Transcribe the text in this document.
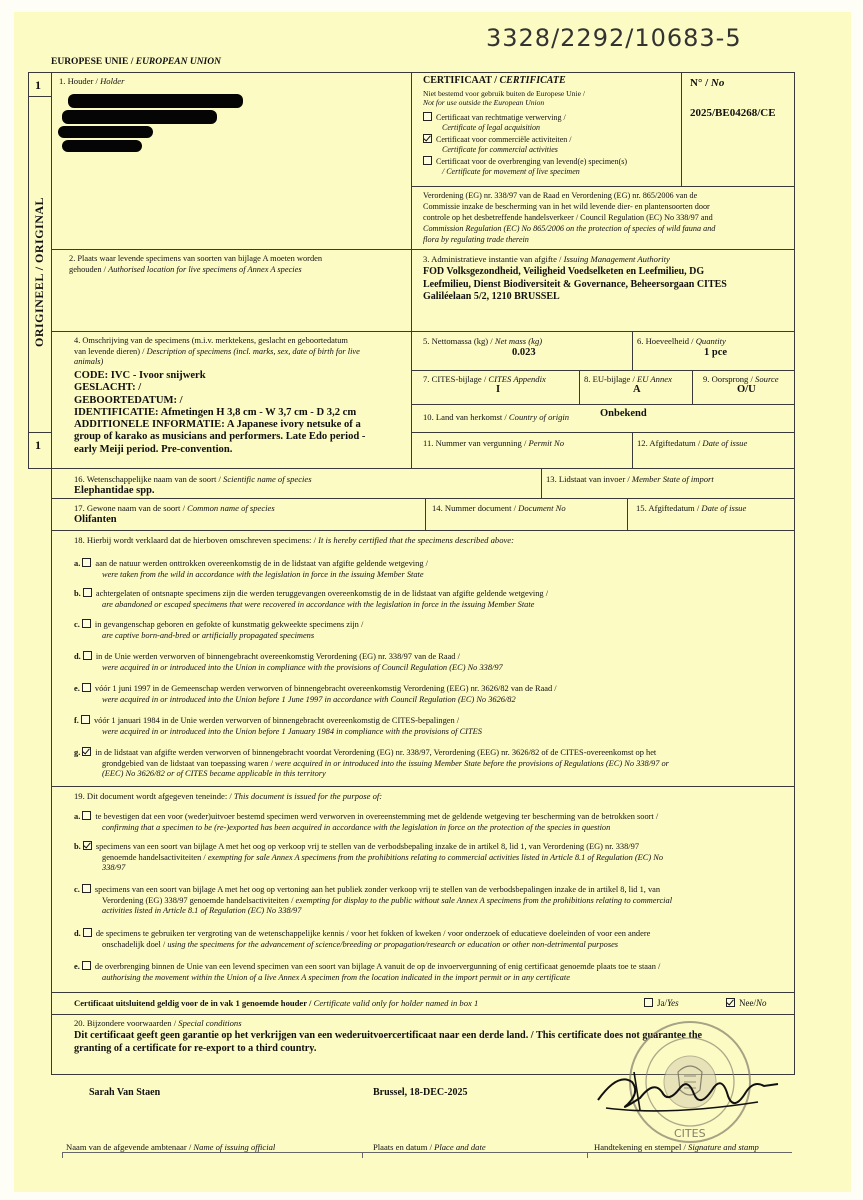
3328/2292/10683-5
EUROPESE UNIE / EUROPEAN UNION
1
1
ORIGINEEL / ORIGINAL
1. Houder / Holder	CERTIFICAAT / CERTIFICATE
Niet bestemd voor gebruik buiten de Europese Unie /
Not for use outside the European Union
Certificaat van rechtmatige verwerving /
Certificate of legal acquisition
Certificaat voor commerciële activiteiten /
Certificate for commercial activities
Certificaat voor de overbrenging van levend(e) specimen(s)
/ Certificate for movement of live specimen
N° / No
2025/BE04268/CE
Verordening (EG) nr. 338/97 van de Raad en Verordening (EG) nr. 865/2006 van de
Commissie inzake de bescherming van in het wild levende dier- en plantensoorten door
controle op het desbetreffende handelsverkeer / Council Regulation (EC) No 338/97 and
Commission Regulation (EC) No 865/2006 on the protection of species of wild fauna and
flora by regulating trade therein
2. Plaats waar levende specimens van soorten van bijlage A moeten worden
gehouden / Authorised location for live specimens of Annex A species
3. Administratieve instantie van afgifte / Issuing Management Authority
FOD Volksgezondheid, Veiligheid Voedselketen en Leefmilieu, DG
Leefmilieu, Dienst Biodiversiteit & Governance, Beheersorgaan CITES
Galiléelaan 5/2, 1210 BRUSSEL
4. Omschrijving van de specimens (m.i.v. merktekens, geslacht en geboortedatum
van levende dieren) / Description of specimens (incl. marks, sex, date of birth for live
animals)
CODE: IVC - Ivoor snijwerk
GESLACHT: /
GEBOORTEDATUM: /
IDENTIFICATIE: Afmetingen H 3,8 cm - W 3,7 cm - D 3,2 cm
ADDITIONELE INFORMATIE: A Japanese ivory netsuke of a
group of karako as musicians and performers. Late Edo period -
early Meiji period. Pre-convention.
5. Nettomassa (kg) / Net mass (kg)
0.023
6. Hoeveelheid / Quantity
1 pce
7. CITES-bijlage / CITES Appendix
I
8. EU-bijlage / EU Annex
A
9. Oorsprong / Source
O/U
10. Land van herkomst / Country of origin	Onbekend
11. Nummer van vergunning / Permit No	12. Afgiftedatum / Date of issue
16. Wetenschappelijke naam van de soort / Scientific name of species
Elephantidae spp.
13. Lidstaat van invoer / Member State of import
17. Gewone naam van de soort / Common name of species
Olifanten
14. Nummer document / Document No	15. Afgiftedatum / Date of issue
18. Hierbij wordt verklaard dat de hierboven omschreven specimens: / It is hereby certified that the specimens described above:
a. aan de natuur werden onttrokken overeenkomstig de in de lidstaat van afgifte geldende wetgeving /
were taken from the wild in accordance with the legislation in force in the issuing Member State
b. achtergelaten of ontsnapte specimens zijn die werden teruggevangen overeenkomstig de in de lidstaat van afgifte geldende wetgeving /
are abandoned or escaped specimens that were recovered in accordance with the legislation in force in the issuing Member State
c. in gevangenschap geboren en gefokte of kunstmatig gekweekte specimens zijn /
are captive born-and-bred or artificially propagated specimens
d. in de Unie werden verworven of binnengebracht overeenkomstig Verordening (EG) nr. 338/97 van de Raad /
were acquired in or introduced into the Union in compliance with the provisions of Council Regulation (EC) No 338/97
e. vóór 1 juni 1997 in de Gemeenschap werden verworven of binnengebracht overeenkomstig Verordening (EEG) nr. 3626/82 van de Raad /
were acquired in or introduced into the Union before 1 June 1997 in accordance with Council Regulation (EC) No 3626/82
f. vóór 1 januari 1984 in de Unie werden verworven of binnengebracht overeenkomstig de CITES-bepalingen /
were acquired in or introduced into the Union before 1 January 1984 in compliance with the provisions of CITES
g. in de lidstaat van afgifte werden verworven of binnengebracht voordat Verordening (EG) nr. 338/97, Verordening (EEG) nr. 3626/82 of de CITES-overeenkomst op het
grondgebied van de lidstaat van toepassing waren / were acquired in or introduced into the issuing Member State before the provisions of Regulations (EC) No 338/97 or
(EEC) No 3626/82 or of CITES became applicable in this territory
19. Dit document wordt afgegeven teneinde: / This document is issued for the purpose of:
a. te bevestigen dat een voor (weder)uitvoer bestemd specimen werd verworven in overeenstemming met de geldende wetgeving ter bescherming van de betrokken soort /
confirming that a specimen to be (re-)exported has been acquired in accordance with the legislation in force on the protection of the species in question
b. specimens van een soort van bijlage A met het oog op verkoop vrij te stellen van de verbodsbepaling inzake de in artikel 8, lid 1, van Verordening (EG) nr. 338/97
genoemde handelsactiviteiten / exempting for sale Annex A specimens from the prohibitions relating to commercial activities listed in Article 8.1 of Regulation (EC) No
338/97
c. specimens van een soort van bijlage A met het oog op vertoning aan het publiek zonder verkoop vrij te stellen van de verbodsbepalingen inzake de in artikel 8, lid 1, van
Verordening (EG) 338/97 genoemde handelsactiviteiten / exempting for display to the public without sale Annex A specimens from the prohibitions relating to commercial
activities listed in Article 8.1 of Regulation (EC) No 338/97
d. de specimens te gebruiken ter vergroting van de wetenschappelijke kennis / voor het fokken of kweken / voor onderzoek of educatieve doeleinden of voor een andere
onschadelijk doel / using the specimens for the advancement of science/breeding or propagation/research or education or other non-detrimental purposes
e. de overbrenging binnen de Unie van een levend specimen van een soort van bijlage A vanuit de op de invoervergunning of enig certificaat genoemde plaats toe te staan /
authorising the movement within the Union of a live Annex A specimen from the location indicated in the import permit or in any certificate
Certificaat uitsluitend geldig voor de in vak 1 genoemde houder / Certificate valid only for holder named in box 1	Ja/Yes	Nee/No
20. Bijzondere voorwaarden / Special conditions
Dit certificaat geeft geen garantie op het verkrijgen van een wederuitvoercertificaat naar een derde land. / This certificate does not guarantee the
granting of a certificate for re-export to a third country.
CITES
Sarah Van Staen	Brussel, 18-DEC-2025
Naam van de afgevende ambtenaar / Name of issuing official	Plaats en datum / Place and date	Handtekening en stempel / Signature and stamp
